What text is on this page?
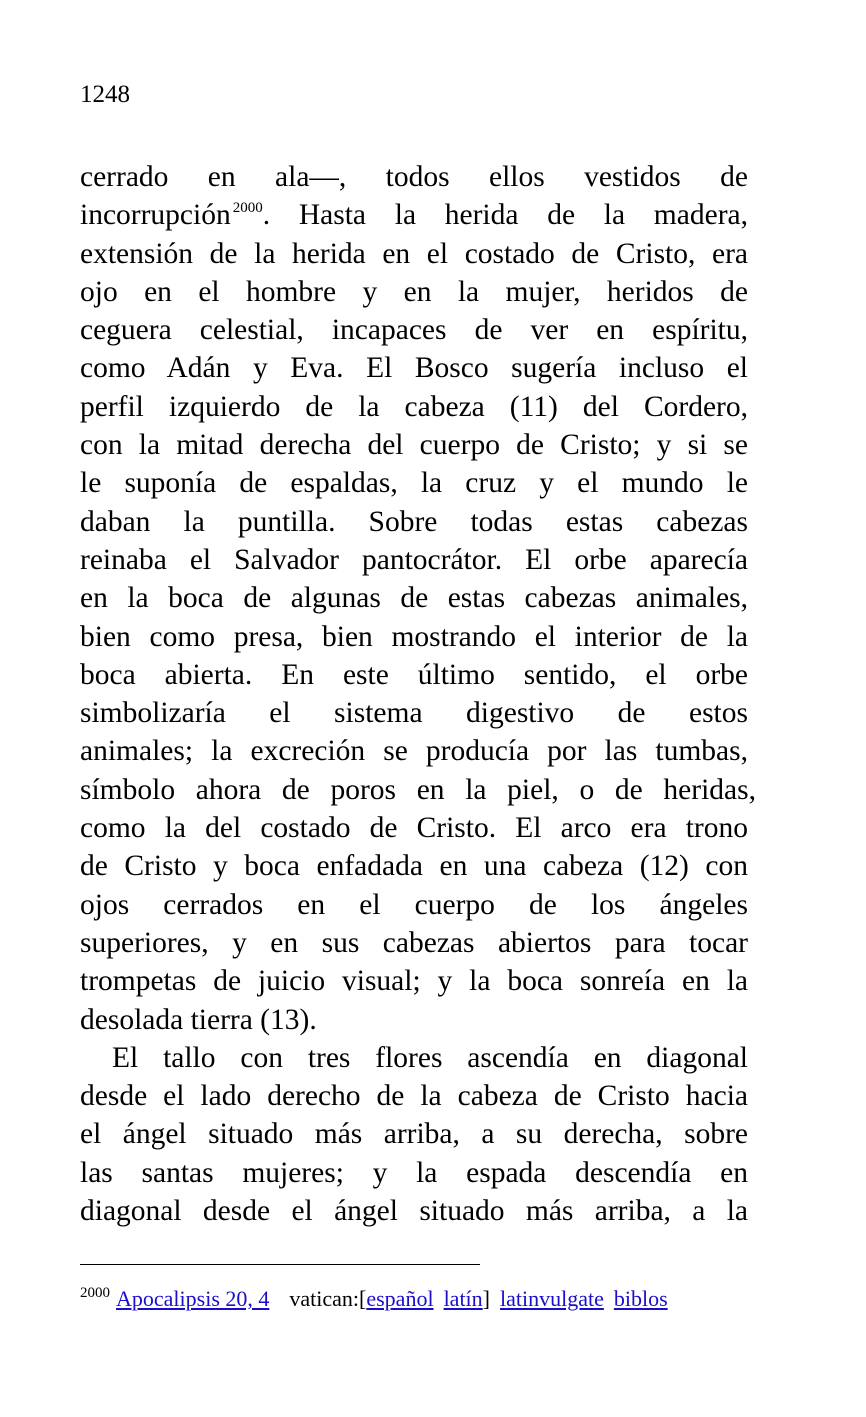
1248
cerrado en ala—, todos ellos vestidos de
incorrupción $^{2000}$. Hasta la herida de la madera,
extensión de la herida en el costado de Cristo, era
ojo en el hombre y en la mujer, heridos de
ceguera celestial, incapaces de ver en espíritu,
como Adán y Eva. El Bosco sugería incluso el
perfil izquierdo de la cabeza (11) del Cordero,
con la mitad derecha del cuerpo de Cristo; y si se
le suponía de espaldas, la cruz y el mundo le
daban la puntilla. Sobre todas estas cabezas
reinaba el Salvador pantocrátor. El orbe aparecía
en la boca de algunas de estas cabezas animales,
bien como presa, bien mostrando el interior de la
boca abierta. En este último sentido, el orbe
simbolizaría el sistema digestivo de estos
animales; la excreción se producía por las tumbas,
símbolo ahora de poros en la piel, o de heridas,
como la del costado de Cristo. El arco era trono
de Cristo y boca enfadada en una cabeza (12) con
ojos cerrados en el cuerpo de los ángeles
superiores, y en sus cabezas abiertos para tocar
trompetas de juicio visual; y la boca sonreía en la
desolada tierra (13).
El tallo con tres flores ascendía en diagonal
desde el lado derecho de la cabeza de Cristo hacia
el ángel situado más arriba, a su derecha, sobre
las santas mujeres; y la espada descendía en
diagonal desde el ángel situado más arriba, a la
$^{2000}$ Apocalipsis 20, 4 vatican:[español latín] latinvulgate biblos
